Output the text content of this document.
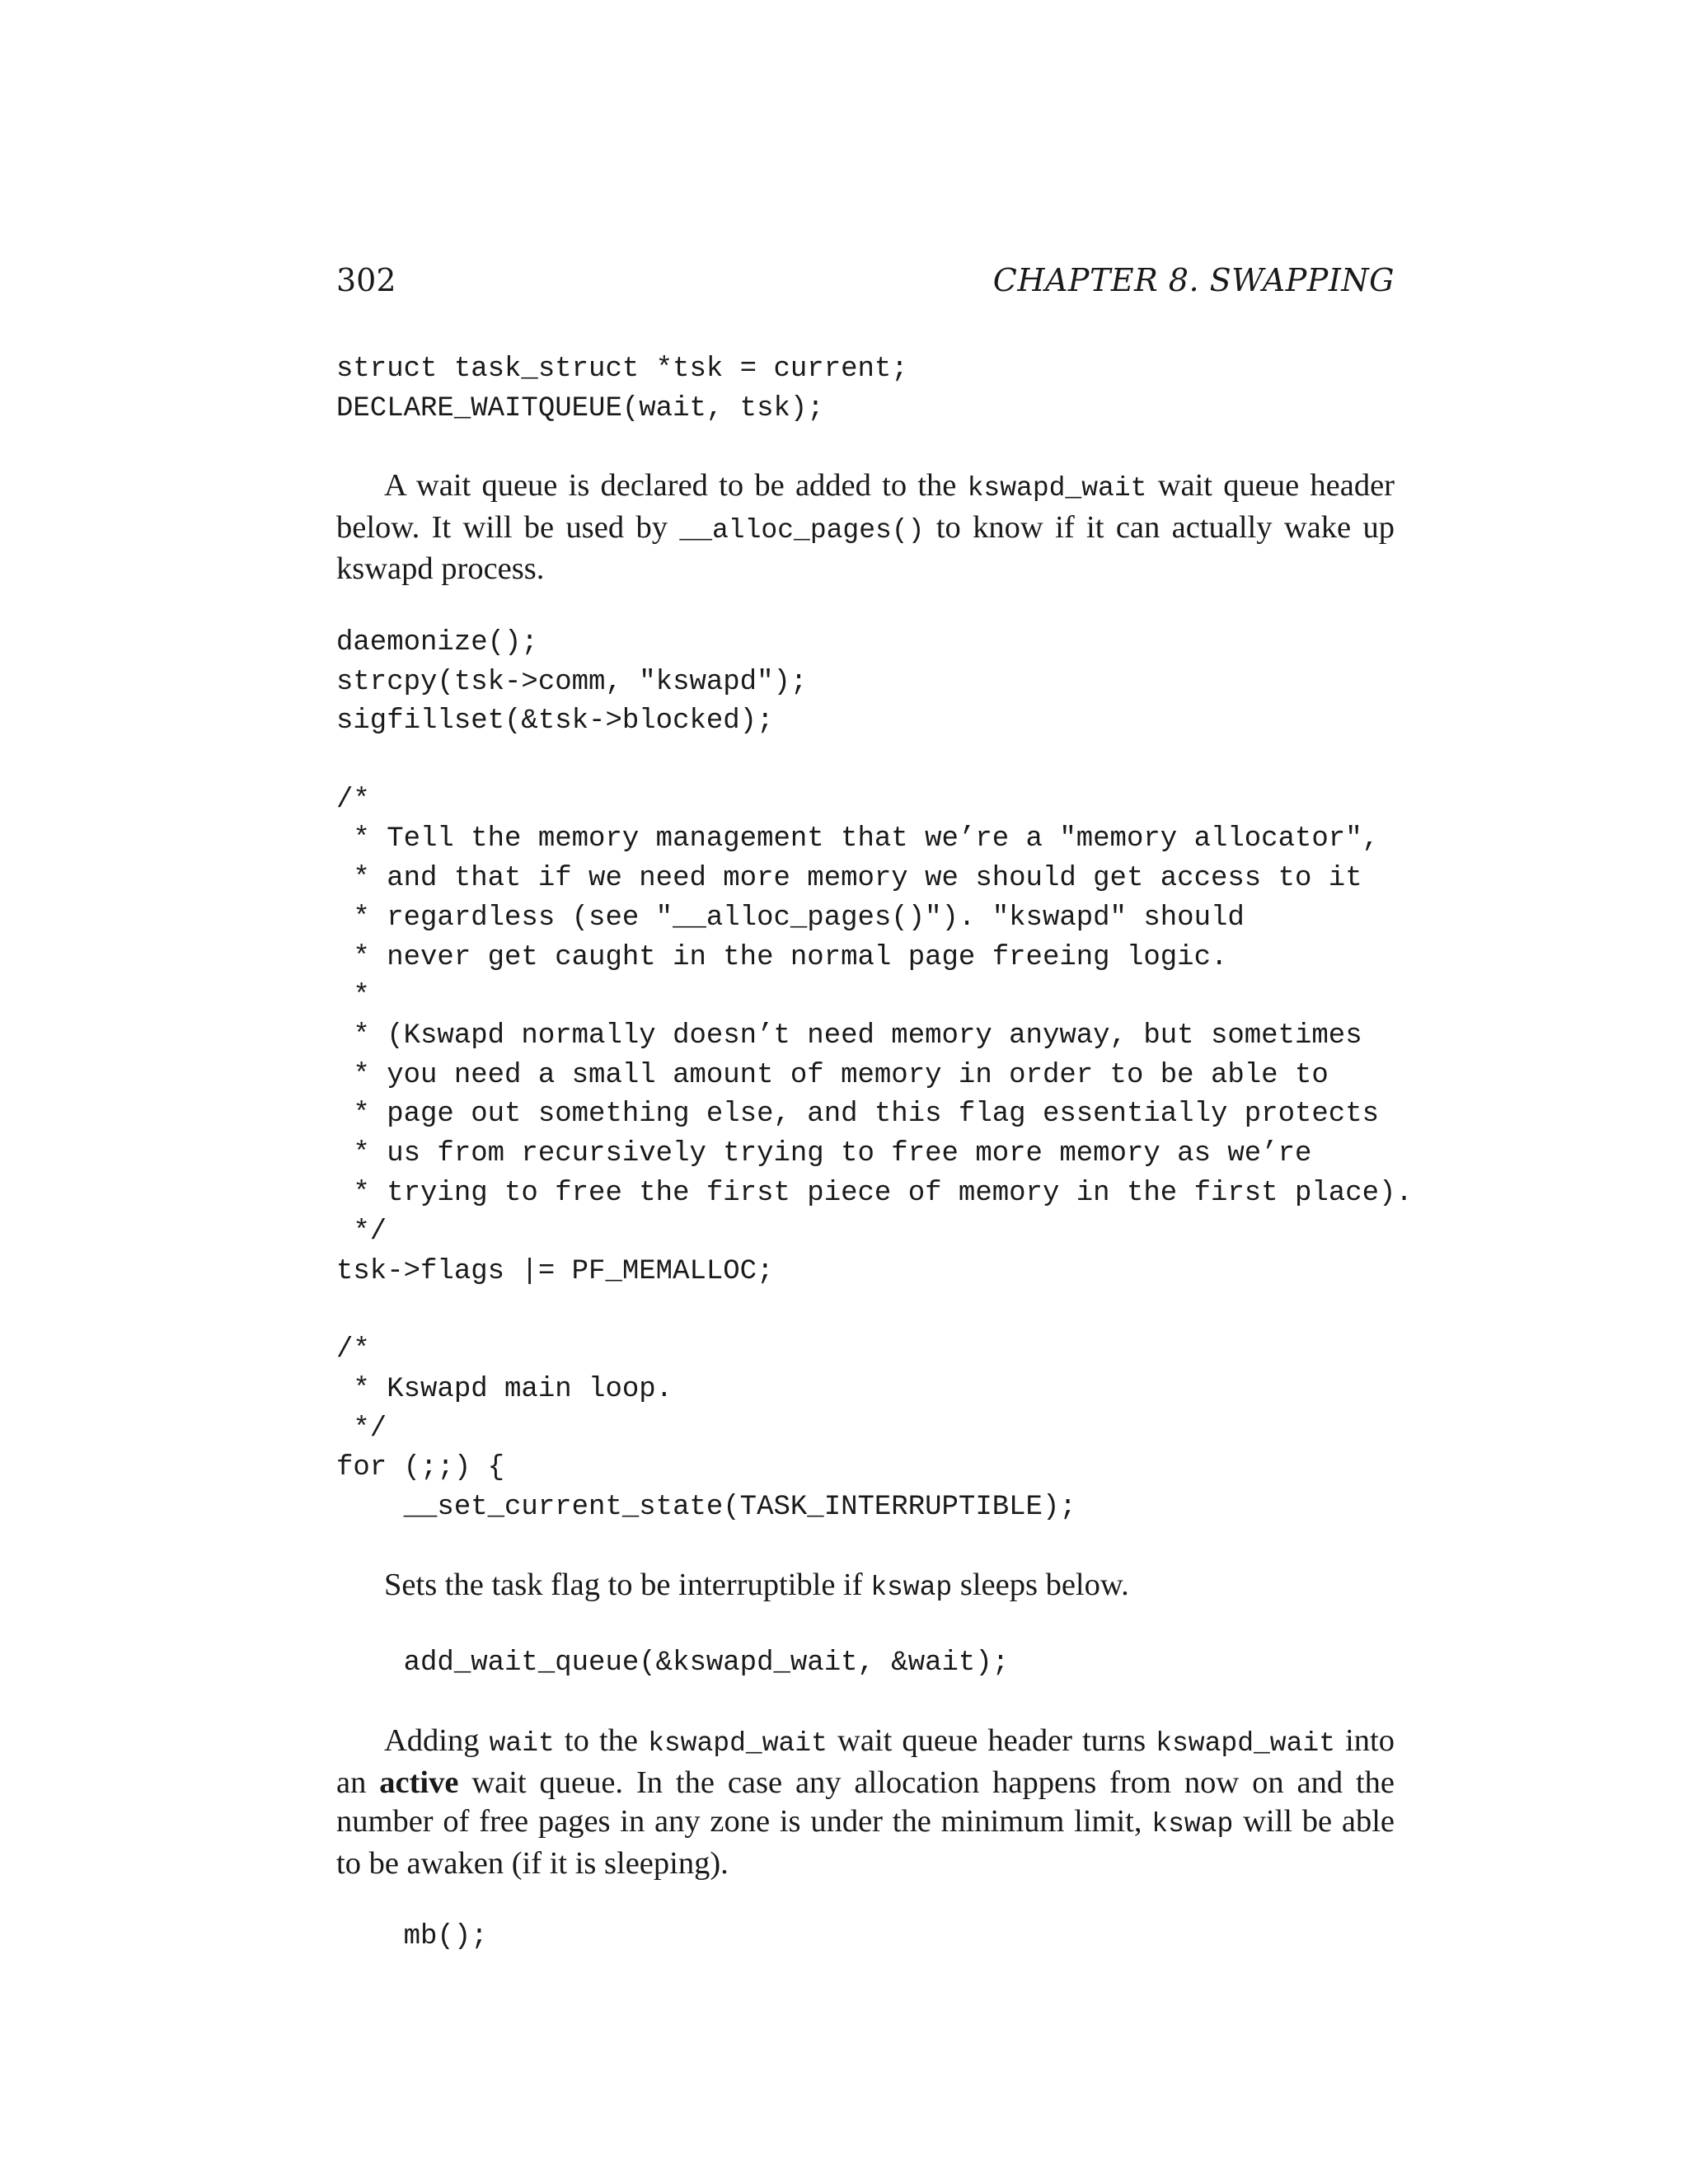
302	CHAPTER 8. SWAPPING
struct task_struct *tsk = current;
DECLARE_WAITQUEUE(wait, tsk);

A wait queue is declared to be added to the kswapd_wait wait queue header below. It will be used by __alloc_pages() to know if it can actually wake up kswapd process.

daemonize();
strcpy(tsk->comm, "kswapd");
sigfillset(&tsk->blocked);
/*
* Tell the memory management that we’re a "memory allocator",
* and that if we need more memory we should get access to it
* regardless (see "__alloc_pages()"). "kswapd" should
* never get caught in the normal page freeing logic.
*
* (Kswapd normally doesn’t need memory anyway, but sometimes
* you need a small amount of memory in order to be able to
* page out something else, and this flag essentially protects
* us from recursively trying to free more memory as we’re
* trying to free the first piece of memory in the first place).
*/
tsk->flags |= PF_MEMALLOC;
/*
* Kswapd main loop.
*/
for (;;) {
__set_current_state(TASK_INTERRUPTIBLE);

Sets the task flag to be interruptible if kswap sleeps below.

add_wait_queue(&kswapd_wait, &wait);

Adding wait to the kswapd_wait wait queue header turns kswapd_wait into an active wait queue. In the case any allocation happens from now on and the number of free pages in any zone is under the minimum limit, kswap will be able to be awaken (if it is sleeping).

mb();
